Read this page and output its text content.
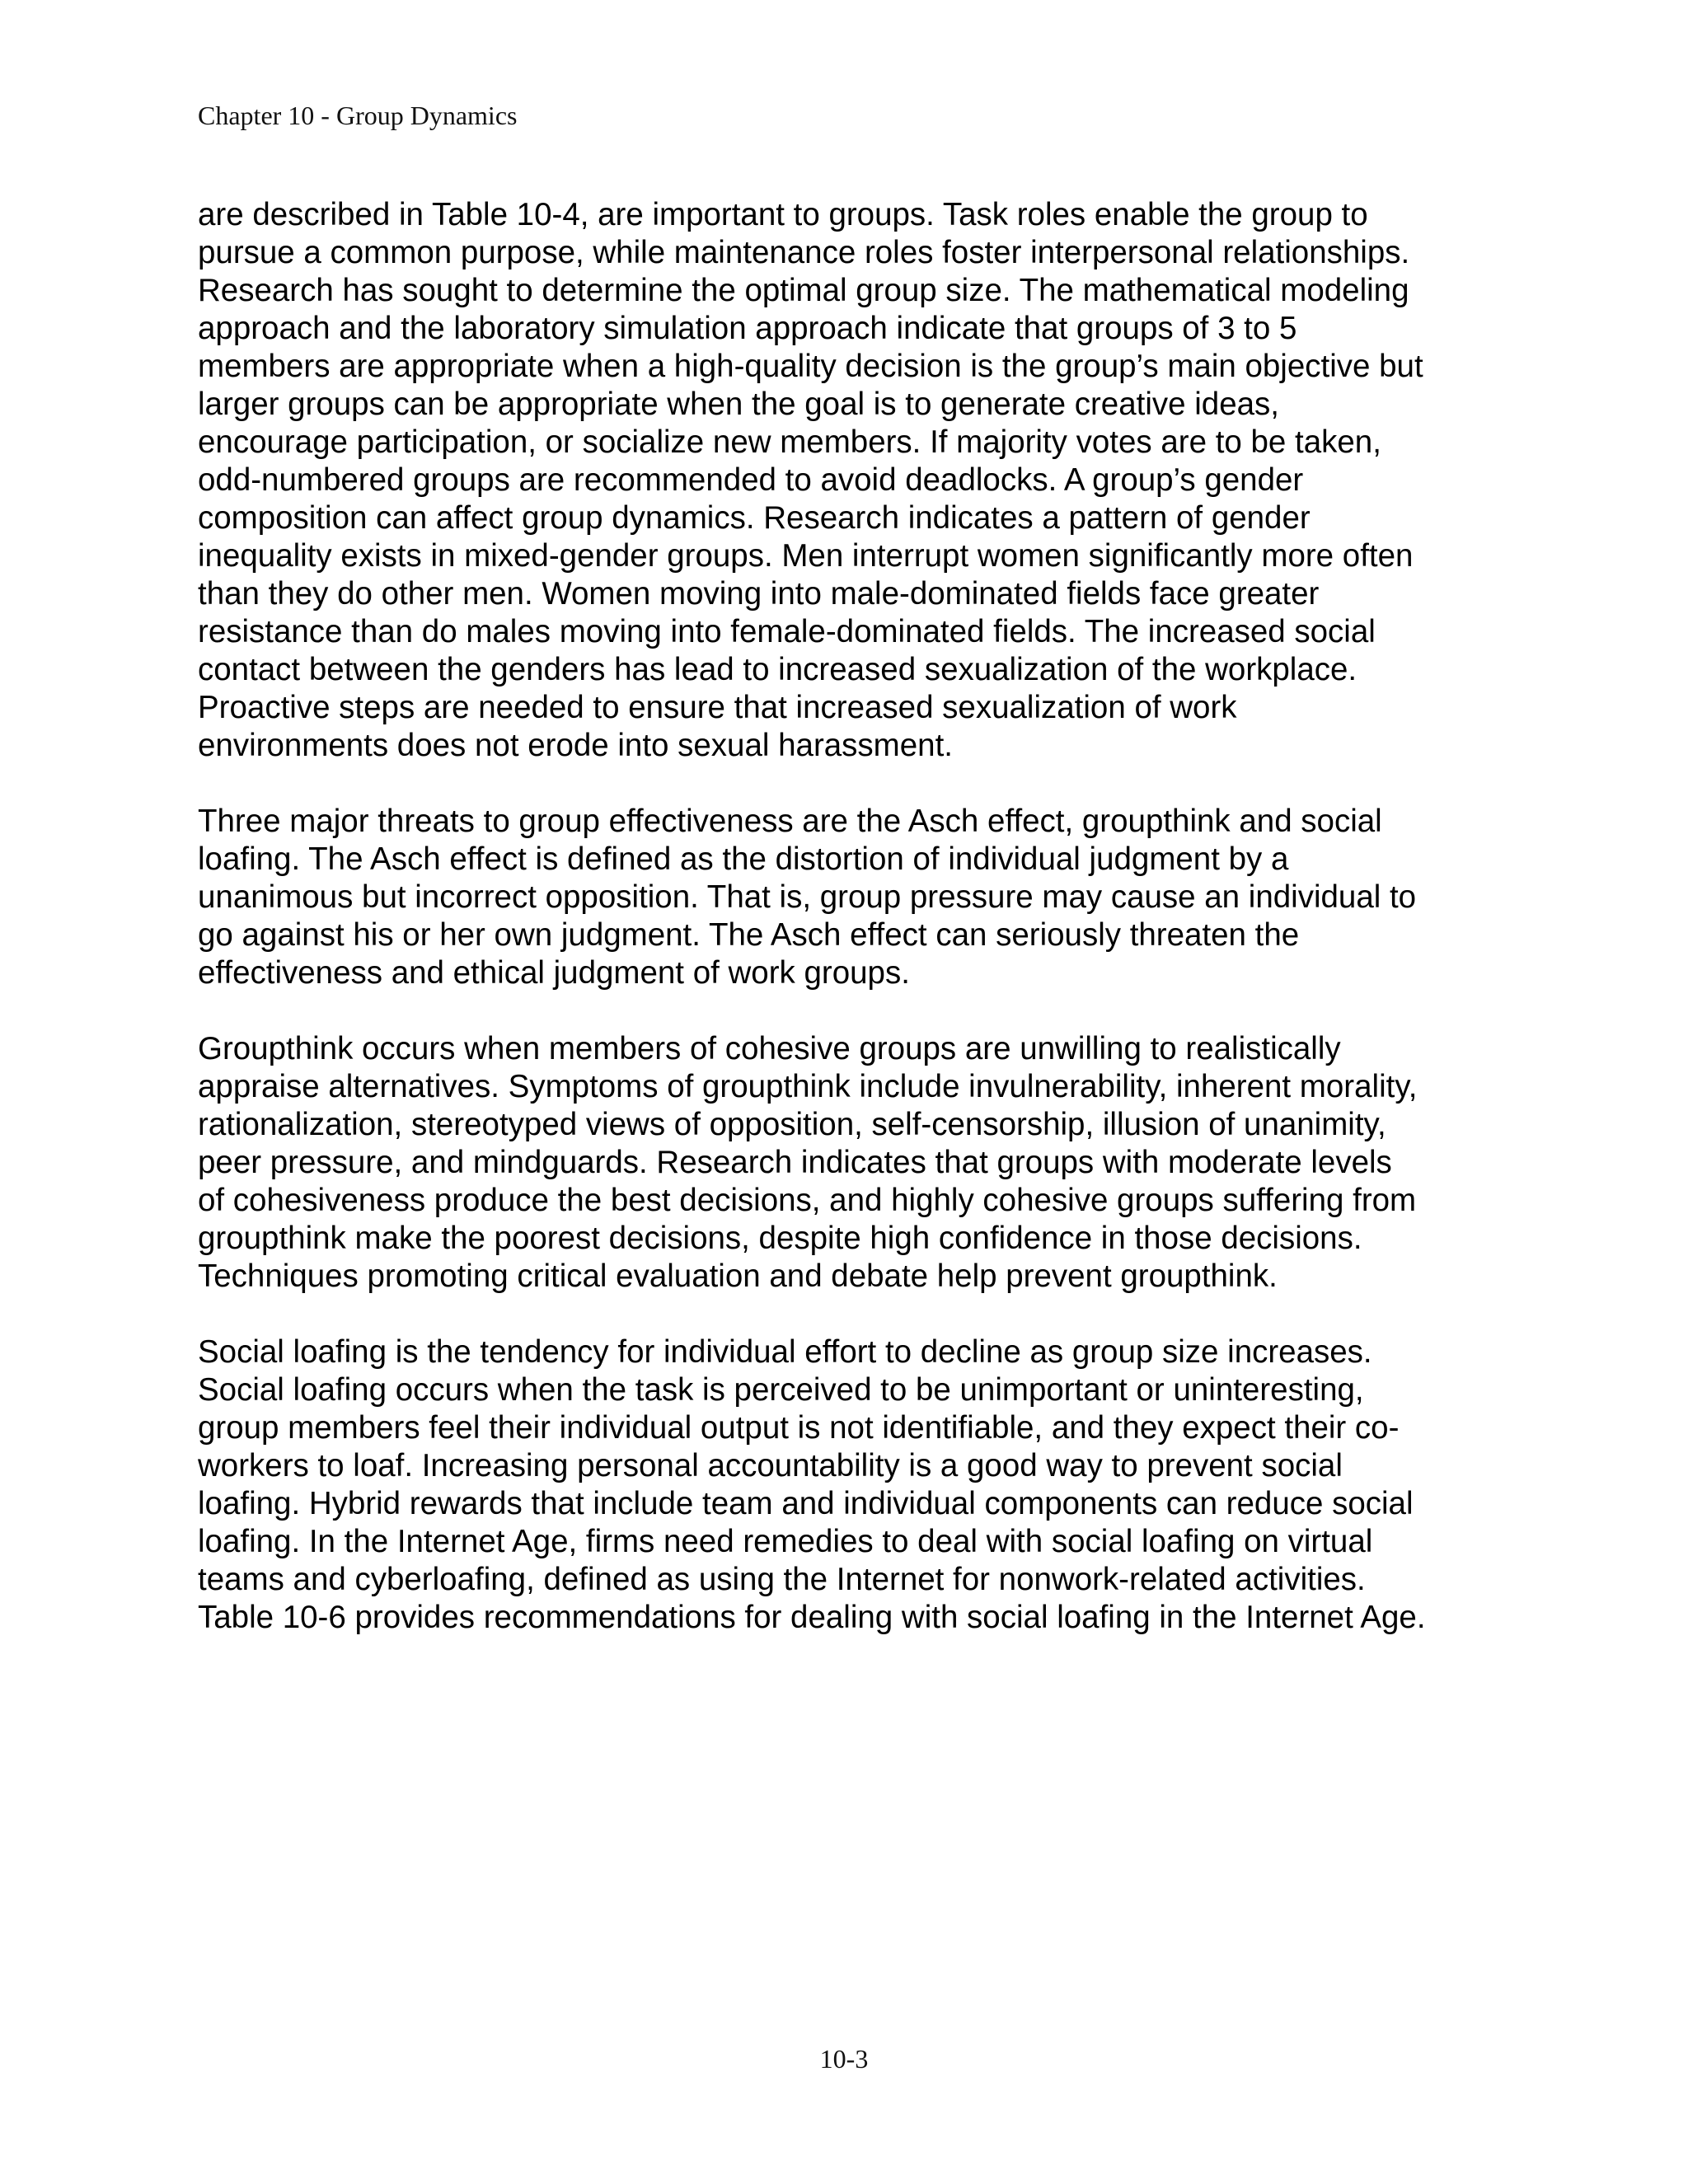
Chapter 10 - Group Dynamics

are described in Table 10-4, are important to groups. Task roles enable the group to
pursue a common purpose, while maintenance roles foster interpersonal relationships.
Research has sought to determine the optimal group size. The mathematical modeling
approach and the laboratory simulation approach indicate that groups of 3 to 5
members are appropriate when a high-quality decision is the group’s main objective but
larger groups can be appropriate when the goal is to generate creative ideas,
encourage participation, or socialize new members. If majority votes are to be taken,
odd-numbered groups are recommended to avoid deadlocks. A group’s gender
composition can affect group dynamics. Research indicates a pattern of gender
inequality exists in mixed-gender groups. Men interrupt women significantly more often
than they do other men. Women moving into male-dominated fields face greater
resistance than do males moving into female-dominated fields. The increased social
contact between the genders has lead to increased sexualization of the workplace.
Proactive steps are needed to ensure that increased sexualization of work
environments does not erode into sexual harassment.

Three major threats to group effectiveness are the Asch effect, groupthink and social
loafing. The Asch effect is defined as the distortion of individual judgment by a
unanimous but incorrect opposition. That is, group pressure may cause an individual to
go against his or her own judgment. The Asch effect can seriously threaten the
effectiveness and ethical judgment of work groups.

Groupthink occurs when members of cohesive groups are unwilling to realistically
appraise alternatives. Symptoms of groupthink include invulnerability, inherent morality,
rationalization, stereotyped views of opposition, self-censorship, illusion of unanimity,
peer pressure, and mindguards. Research indicates that groups with moderate levels
of cohesiveness produce the best decisions, and highly cohesive groups suffering from
groupthink make the poorest decisions, despite high confidence in those decisions.
Techniques promoting critical evaluation and debate help prevent groupthink.

Social loafing is the tendency for individual effort to decline as group size increases.
Social loafing occurs when the task is perceived to be unimportant or uninteresting,
group members feel their individual output is not identifiable, and they expect their co-
workers to loaf. Increasing personal accountability is a good way to prevent social
loafing. Hybrid rewards that include team and individual components can reduce social
loafing. In the Internet Age, firms need remedies to deal with social loafing on virtual
teams and cyberloafing, defined as using the Internet for nonwork-related activities.
Table 10-6 provides recommendations for dealing with social loafing in the Internet Age.

10-3
